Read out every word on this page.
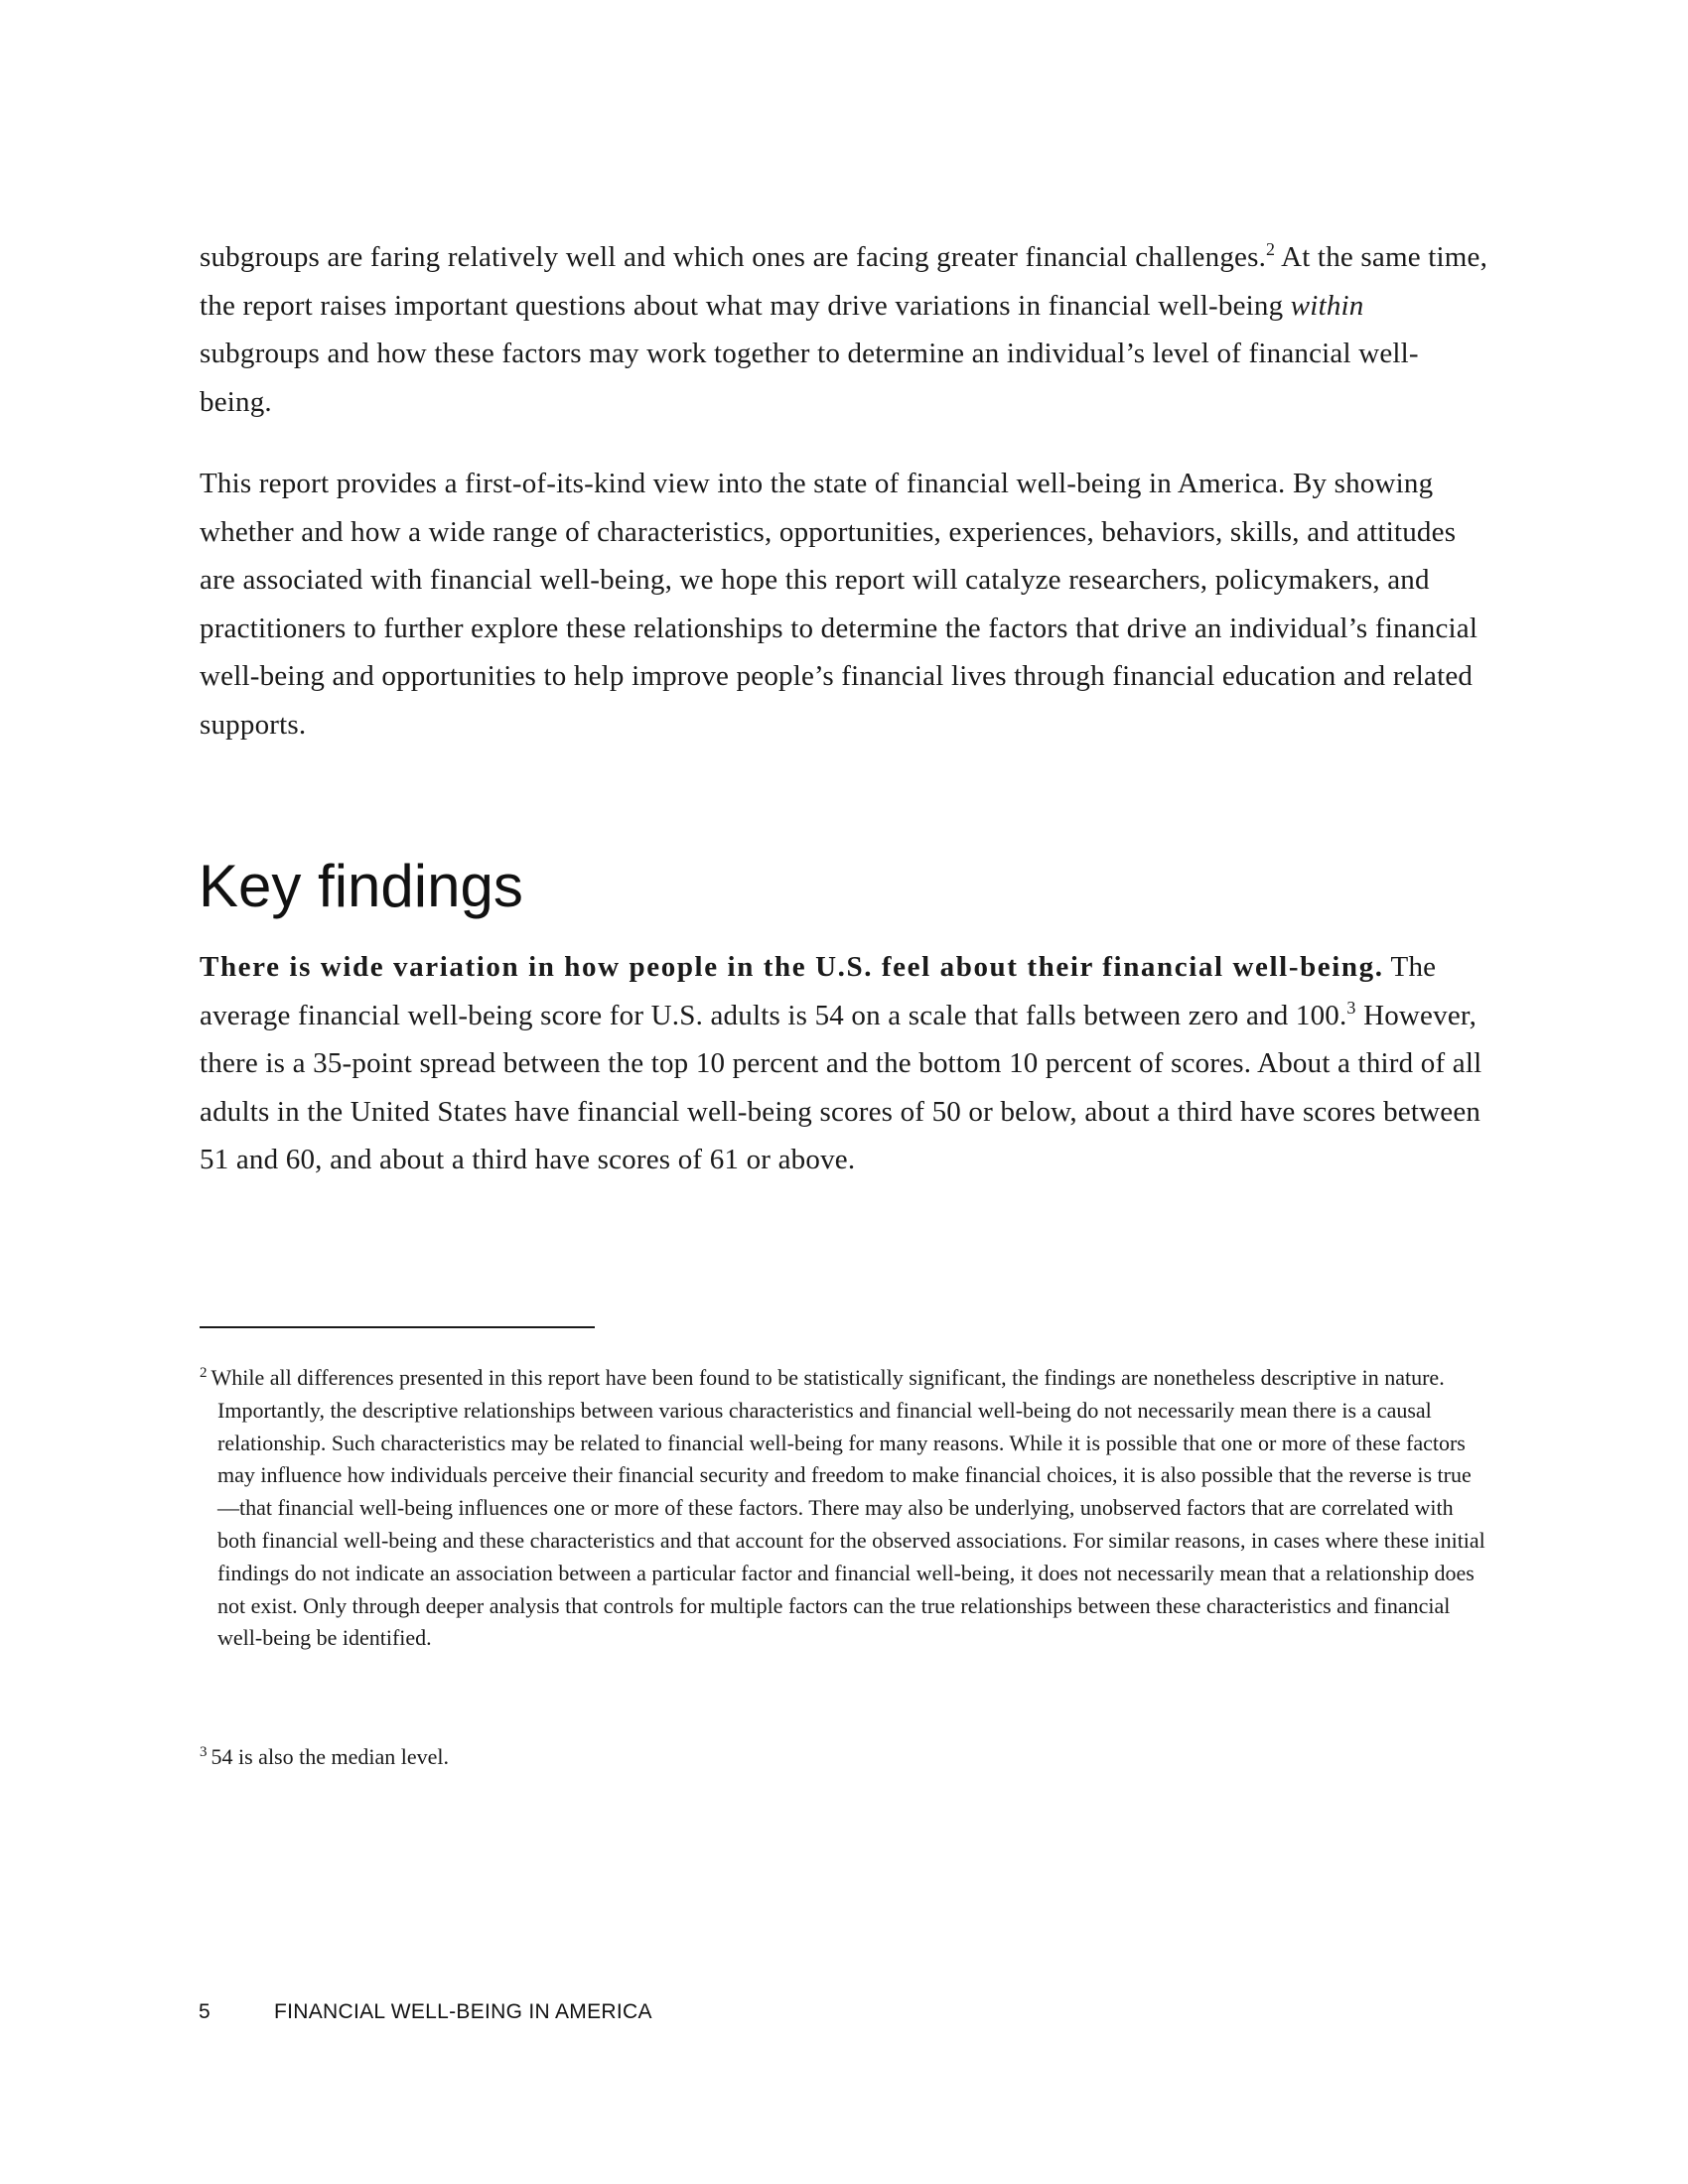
subgroups are faring relatively well and which ones are facing greater financial challenges.$^2$ At the same time, the report raises important questions about what may drive variations in financial well-being within subgroups and how these factors may work together to determine an individual’s level of financial well-being.

This report provides a first-of-its-kind view into the state of financial well-being in America. By showing whether and how a wide range of characteristics, opportunities, experiences, behaviors, skills, and attitudes are associated with financial well-being, we hope this report will catalyze researchers, policymakers, and practitioners to further explore these relationships to determine the factors that drive an individual’s financial well-being and opportunities to help improve people’s financial lives through financial education and related supports.

Key findings

There is wide variation in how people in the U.S. feel about their financial well-being. The average financial well-being score for U.S. adults is 54 on a scale that falls between zero and 100.$^3$ However, there is a 35-point spread between the top 10 percent and the bottom 10 percent of scores. About a third of all adults in the United States have financial well-being scores of 50 or below, about a third have scores between 51 and 60, and about a third have scores of 61 or above.

$^2$ While all differences presented in this report have been found to be statistically significant, the findings are nonetheless descriptive in nature. Importantly, the descriptive relationships between various characteristics and financial well-being do not necessarily mean there is a causal relationship. Such characteristics may be related to financial well-being for many reasons. While it is possible that one or more of these factors may influence how individuals perceive their financial security and freedom to make financial choices, it is also possible that the reverse is true—that financial well-being influences one or more of these factors. There may also be underlying, unobserved factors that are correlated with both financial well-being and these characteristics and that account for the observed associations. For similar reasons, in cases where these initial findings do not indicate an association between a particular factor and financial well-being, it does not necessarily mean that a relationship does not exist. Only through deeper analysis that controls for multiple factors can the true relationships between these characteristics and financial well-being be identified.

$^3$ 54 is also the median level.

5	FINANCIAL WELL-BEING IN AMERICA
